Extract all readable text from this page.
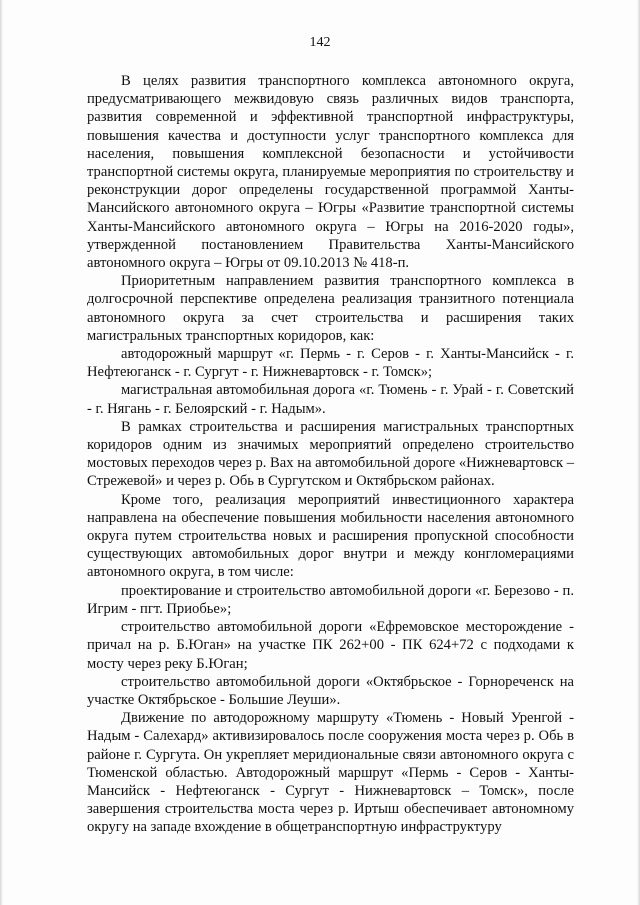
142

В целях развития транспортного комплекса автономного округа, предусматривающего межвидовую связь различных видов транспорта, развития современной и эффективной транспортной инфраструктуры, повышения качества и доступности услуг транспортного комплекса для населения, повышения комплексной безопасности и устойчивости транспортной системы округа, планируемые мероприятия по строительству и реконструкции дорог определены государственной программой Ханты-Мансийского автономного округа – Югры «Развитие транспортной системы Ханты-Мансийского автономного округа – Югры на 2016-2020 годы», утвержденной постановлением Правительства Ханты-Мансийского автономного округа – Югры от 09.10.2013 № 418-п.

Приоритетным направлением развития транспортного комплекса в долгосрочной перспективе определена реализация транзитного потенциала автономного округа за счет строительства и расширения таких магистральных транспортных коридоров, как:

автодорожный маршрут «г. Пермь - г. Серов - г. Ханты-Мансийск - г. Нефтеюганск - г. Сургут - г. Нижневартовск - г. Томск»;

магистральная автомобильная дорога «г. Тюмень - г. Урай - г. Советский - г. Нягань - г. Белоярский - г. Надым».

В рамках строительства и расширения магистральных транспортных коридоров одним из значимых мероприятий определено строительство мостовых переходов через р. Вах на автомобильной дороге «Нижневартовск – Стрежевой» и через р. Обь в Сургутском и Октябрьском районах.

Кроме того, реализация мероприятий инвестиционного характера направлена на обеспечение повышения мобильности населения автономного округа путем строительства новых и расширения пропускной способности существующих автомобильных дорог внутри и между конгломерациями автономного округа, в том числе:

проектирование и строительство автомобильной дороги «г. Березово - п. Игрим - пгт. Приобье»;

строительство автомобильной дороги «Ефремовское месторождение - причал на р. Б.Юган» на участке ПК 262+00 - ПК 624+72 с подходами к мосту через реку Б.Юган;

строительство автомобильной дороги «Октябрьское - Горнореченск на участке Октябрьское - Большие Леуши».

Движение по автодорожному маршруту «Тюмень - Новый Уренгой - Надым - Салехард» активизировалось после сооружения моста через р. Обь в районе г. Сургута. Он укрепляет меридиональные связи автономного округа с Тюменской областью. Автодорожный маршрут «Пермь - Серов - Ханты-Мансийск - Нефтеюганск - Сургут - Нижневартовск – Томск», после завершения строительства моста через р. Иртыш обеспечивает автономному округу на западе вхождение в общетранспортную инфраструктуру
